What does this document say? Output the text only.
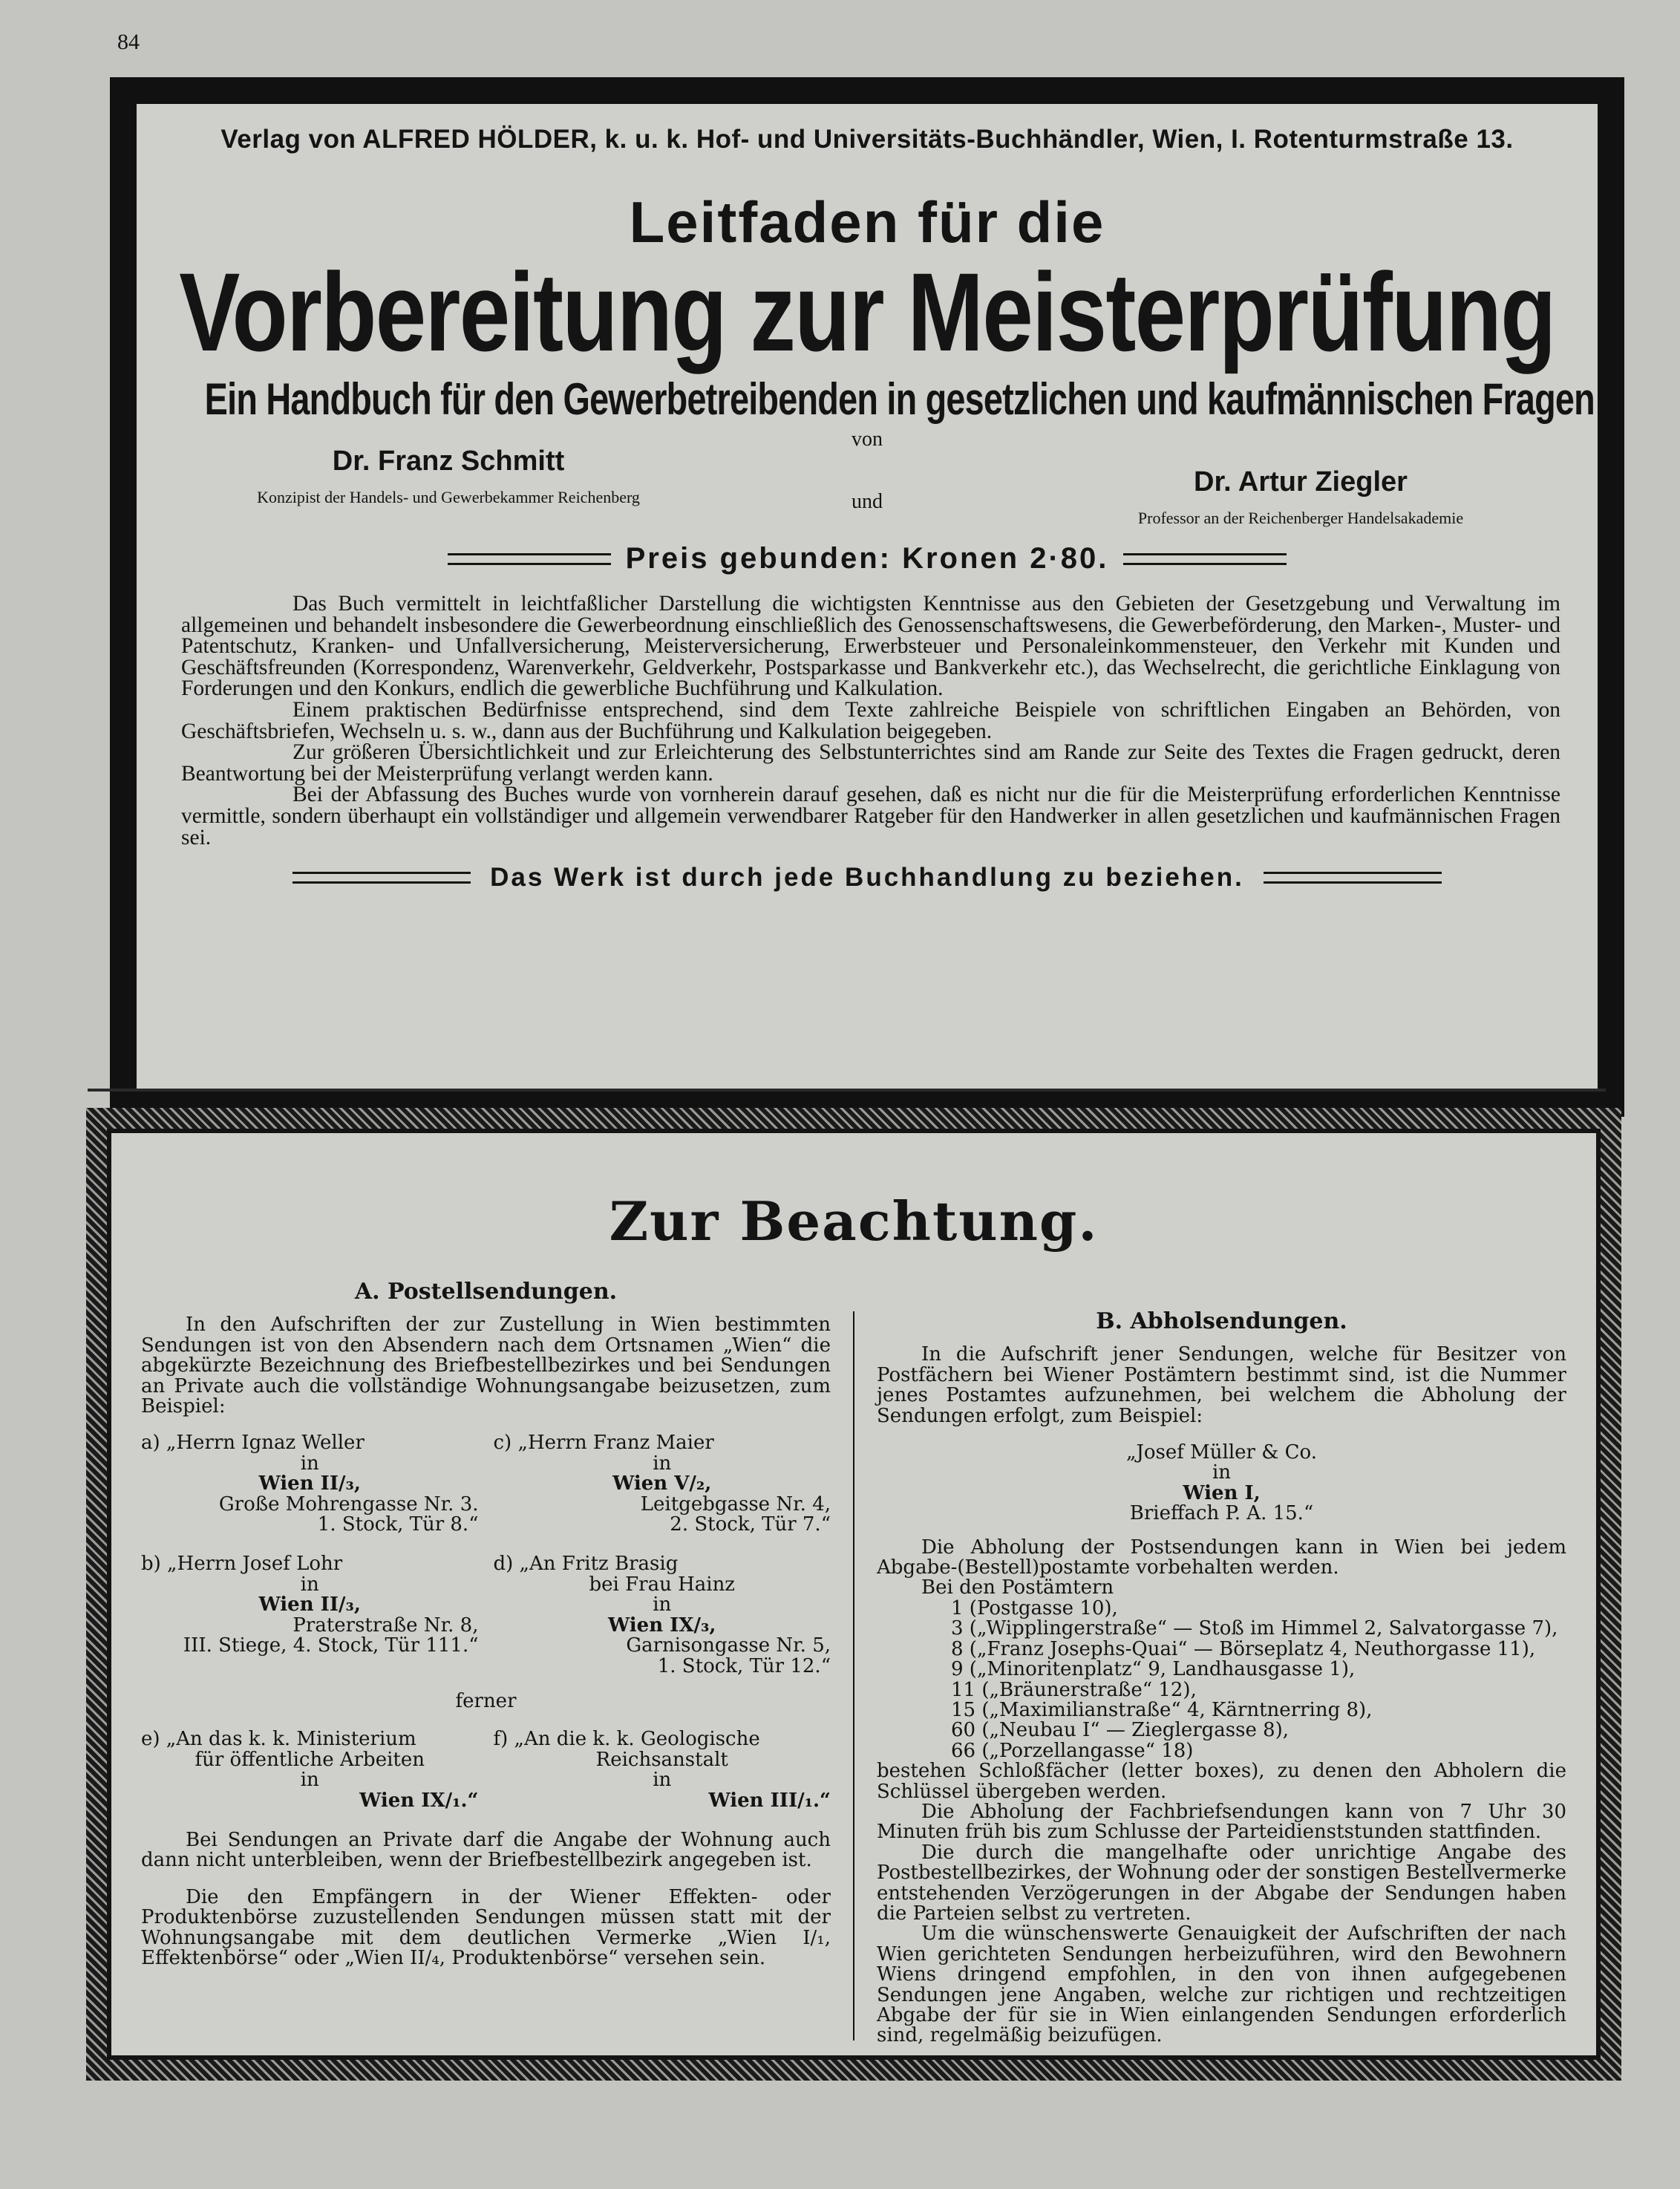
84
Verlag von ALFRED HÖLDER, k. u. k. Hof- und Universitäts-Buchhändler, Wien, I. Rotenturmstraße 13.
Leitfaden für die
Vorbereitung zur Meisterprüfung
Ein Handbuch für den Gewerbetreibenden in gesetzlichen und kaufmännischen Fragen
von
und
Dr. Franz Schmitt
Konzipist der Handels- und Gewerbekammer Reichenberg	Dr. Artur Ziegler
Professor an der Reichenberger Handelsakademie
Preis gebunden: Kronen 2·80.

Das Buch vermittelt in leichtfaßlicher Darstellung die wichtigsten Kenntnisse aus den Gebieten der Gesetzgebung und Verwaltung im allgemeinen und behandelt insbesondere die Gewerbeordnung einschließlich des Genossenschaftswesens, die Gewerbeförderung, den Marken-, Muster- und Patentschutz, Kranken- und Unfallversicherung, Meisterversicherung, Erwerbsteuer und Personaleinkommensteuer, den Verkehr mit Kunden und Geschäftsfreunden (Korrespondenz, Warenverkehr, Geldverkehr, Postsparkasse und Bankverkehr etc.), das Wechselrecht, die gerichtliche Einklagung von Forderungen und den Konkurs, endlich die gewerbliche Buchführung und Kalkulation.

Einem praktischen Bedürfnisse entsprechend, sind dem Texte zahlreiche Beispiele von schriftlichen Eingaben an Behörden, von Geschäftsbriefen, Wechseln u. s. w., dann aus der Buchführung und Kalkulation beigegeben.

Zur größeren Übersichtlichkeit und zur Erleichterung des Selbstunterrichtes sind am Rande zur Seite des Textes die Fragen gedruckt, deren Beantwortung bei der Meisterprüfung verlangt werden kann.

Bei der Abfassung des Buches wurde von vornherein darauf gesehen, daß es nicht nur die für die Meisterprüfung erforderlichen Kenntnisse vermittle, sondern überhaupt ein vollständiger und allgemein verwendbarer Ratgeber für den Handwerker in allen gesetzlichen und kaufmännischen Fragen sei.

Das Werk ist durch jede Buchhandlung zu beziehen.
Zur Beachtung.
A. Postellsendungen.

In den Aufschriften der zur Zustellung in Wien bestimmten Sendungen ist von den Absendern nach dem Ortsnamen „Wien“ die abgekürzte Bezeichnung des Briefbestellbezirkes und bei Sendungen an Private auch die vollständige Wohnungsangabe beizusetzen, zum Beispiel:

a) „Herrn Ignaz Weller
in
Wien II/₃,
Große Mohrengasse Nr. 3.
1. Stock, Tür 8.“
c) „Herrn Franz Maier
in
Wien V/₂,
Leitgebgasse Nr. 4,
2. Stock, Tür 7.“
b) „Herrn Josef Lohr
in
Wien II/₃,
Praterstraße Nr. 8,
III. Stiege, 4. Stock, Tür 111.“
d) „An Fritz Brasig
bei Frau Hainz
in
Wien IX/₃,
Garnisongasse Nr. 5,
1. Stock, Tür 12.“
ferner
e) „An das k. k. Ministerium
für öffentliche Arbeiten
in
Wien IX/₁.“
f) „An die k. k. Geologische
Reichsanstalt
in
Wien III/₁.“

Bei Sendungen an Private darf die Angabe der Wohnung auch dann nicht unterbleiben, wenn der Briefbestellbezirk angegeben ist.

Die den Empfängern in der Wiener Effekten- oder Produktenbörse zuzustellenden Sendungen müssen statt mit der Wohnungsangabe mit dem deutlichen Vermerke „Wien I/₁, Effektenbörse“ oder „Wien II/₄, Produktenbörse“ versehen sein.

B. Abholsendungen.

In die Aufschrift jener Sendungen, welche für Besitzer von Postfächern bei Wiener Postämtern bestimmt sind, ist die Nummer jenes Postamtes aufzunehmen, bei welchem die Abholung der Sendungen erfolgt, zum Beispiel:

„Josef Müller & Co.
in
Wien I,
Brieffach P. A. 15.“

Die Abholung der Postsendungen kann in Wien bei jedem Abgabe-(Bestell)postamte vorbehalten werden.

Bei den Postämtern

1 (Postgasse 10),
3 („Wipplingerstraße“ — Stoß im Himmel 2, Salvatorgasse 7),
8 („Franz Josephs-Quai“ — Börseplatz 4, Neuthorgasse 11),
9 („Minoritenplatz“ 9, Landhausgasse 1),
11 („Bräunerstraße“ 12),
15 („Maximilianstraße“ 4, Kärntnerring 8),
60 („Neubau I“ — Zieglergasse 8),
66 („Porzellangasse“ 18)

bestehen Schloßfächer (letter boxes), zu denen den Abholern die Schlüssel übergeben werden.

Die Abholung der Fachbriefsendungen kann von 7 Uhr 30 Minuten früh bis zum Schlusse der Parteidienststunden stattfinden.

Die durch die mangelhafte oder unrichtige Angabe des Postbestellbezirkes, der Wohnung oder der sonstigen Bestellvermerke entstehenden Verzögerungen in der Abgabe der Sendungen haben die Parteien selbst zu vertreten.

Um die wünschenswerte Genauigkeit der Aufschriften der nach Wien gerichteten Sendungen herbeizuführen, wird den Bewohnern Wiens dringend empfohlen, in den von ihnen aufgegebenen Sendungen jene Angaben, welche zur richtigen und rechtzeitigen Abgabe der für sie in Wien einlangenden Sendungen erforderlich sind, regelmäßig beizufügen.
